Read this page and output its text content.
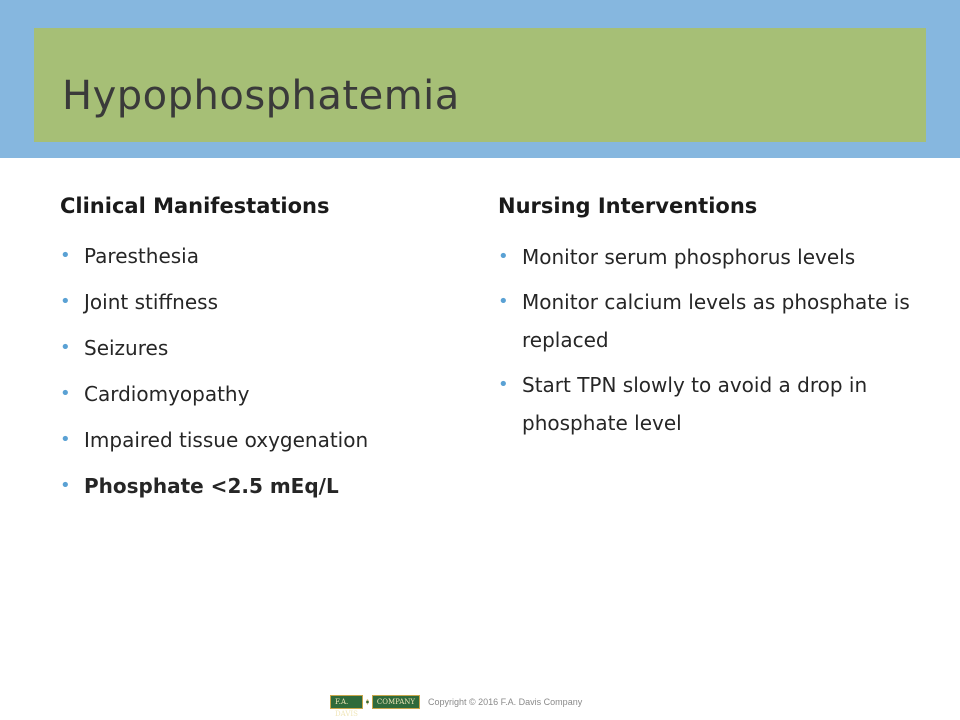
Hypophosphatemia
Clinical Manifestations
• Paresthesia
• Joint stiffness
• Seizures
• Cardiomyopathy
• Impaired tissue oxygenation
• Phosphate <2.5 mEq/L
Nursing Interventions
• Monitor serum phosphorus levels
• Monitor calcium levels as phosphate is replaced
• Start TPN slowly to avoid a drop in phosphate level
F.A. DAVIS
COMPANY	Copyright © 2016 F.A. Davis Company
